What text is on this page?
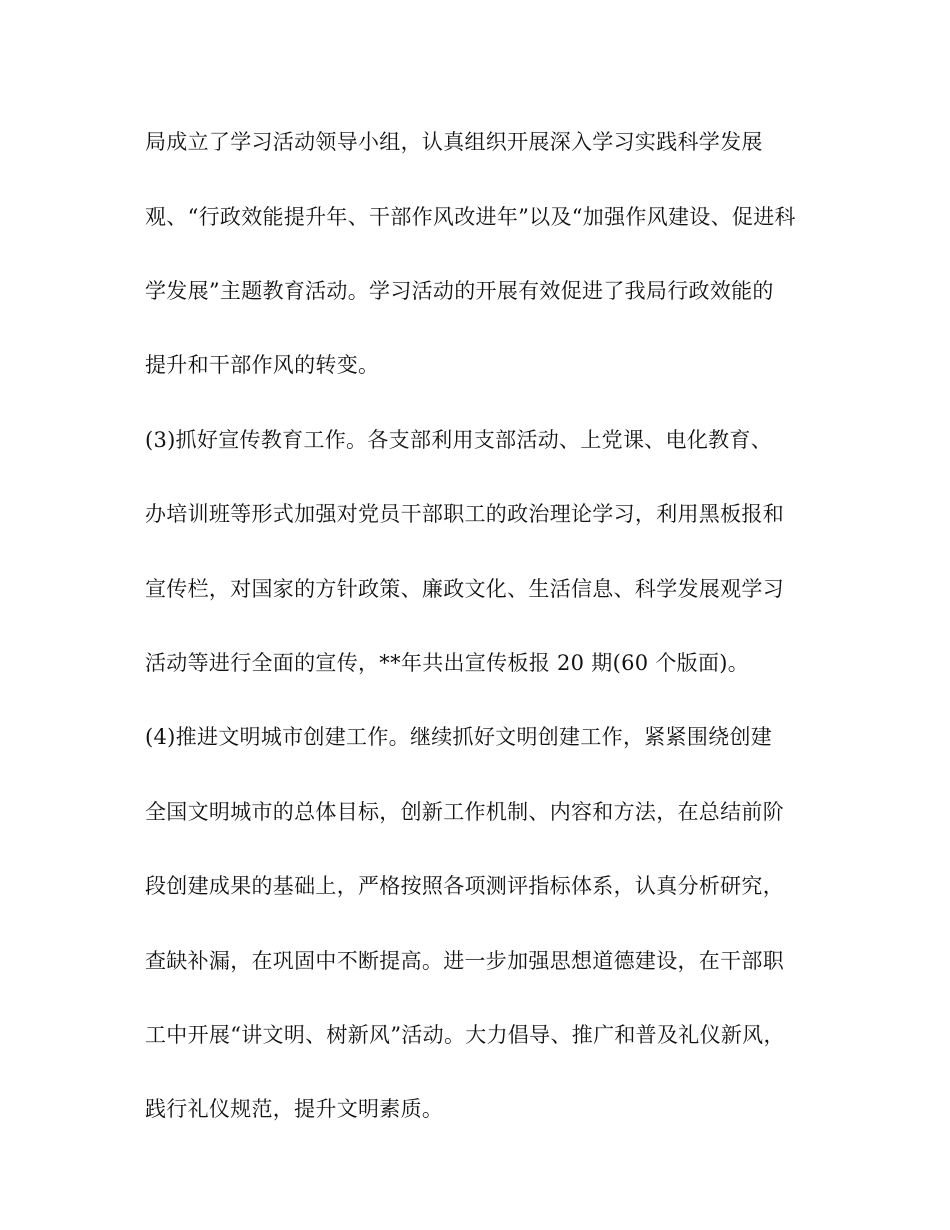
局成立了学习活动领导小组，认真组织开展深入学习实践科学发展
观、“行政效能提升年、干部作风改进年”以及“加强作风建设、促进科
学发展”主题教育活动。学习活动的开展有效促进了我局行政效能的
提升和干部作风的转变。
(3)抓好宣传教育工作。各支部利用支部活动、上党课、电化教育、
办培训班等形式加强对党员干部职工的政治理论学习，利用黑板报和
宣传栏，对国家的方针政策、廉政文化、生活信息、科学发展观学习
活动等进行全面的宣传，**年共出宣传板报 20 期(60 个版面)。
(4)推进文明城市创建工作。继续抓好文明创建工作，紧紧围绕创建
全国文明城市的总体目标，创新工作机制、内容和方法，在总结前阶
段创建成果的基础上，严格按照各项测评指标体系，认真分析研究，
查缺补漏，在巩固中不断提高。进一步加强思想道德建设，在干部职
工中开展“讲文明、树新风”活动。大力倡导、推广和普及礼仪新风，
践行礼仪规范，提升文明素质。
